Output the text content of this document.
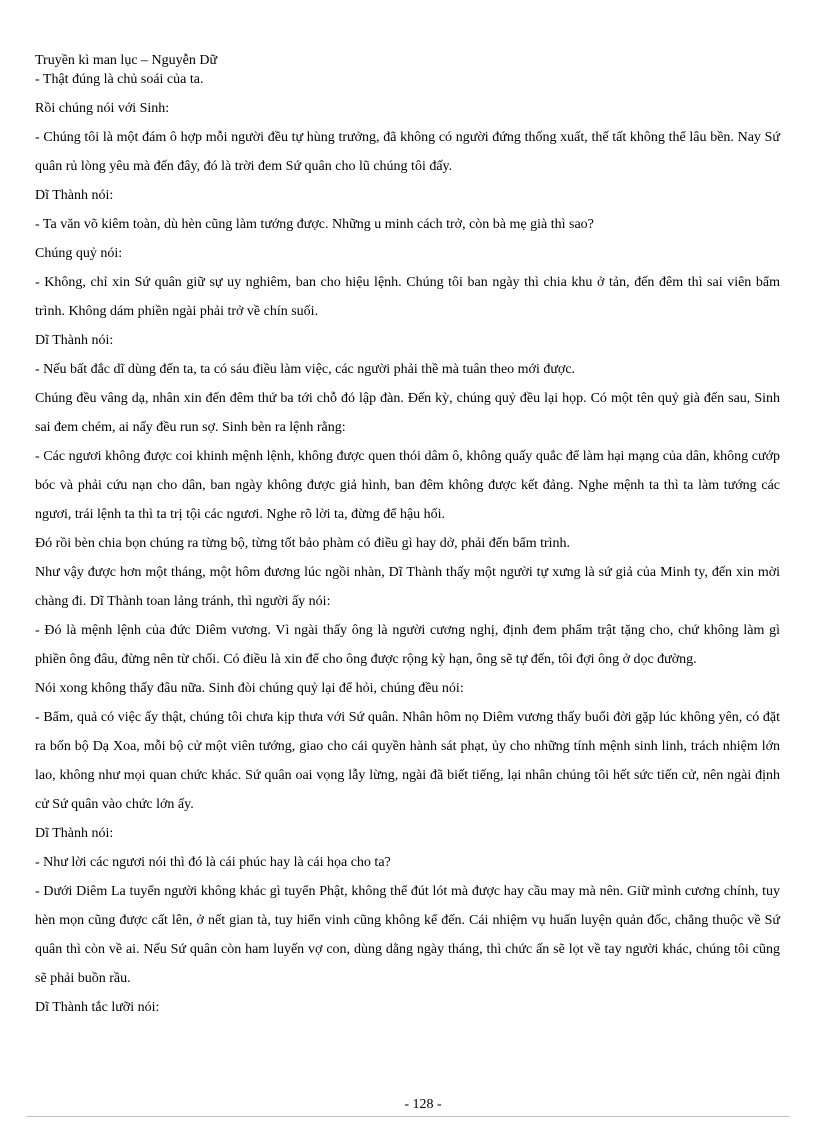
Truyền kì man lục – Nguyễn Dữ

- Thật đúng là chủ soái của ta.

Rồi chúng nói với Sinh:

- Chúng tôi là một đám ô hợp mỗi người đều tự hùng trưởng, đã không có người đứng thống xuất, thế tất không thể lâu bền. Nay Sứ quân rủ lòng yêu mà đến đây, đó là trời đem Sứ quân cho lũ chúng tôi đấy.

Dĩ Thành nói:

- Ta văn võ kiêm toàn, dù hèn cũng làm tướng được. Những u minh cách trở, còn bà mẹ già thì sao?

Chúng quỷ nói:

- Không, chỉ xin Sứ quân giữ sự uy nghiêm, ban cho hiệu lệnh. Chúng tôi ban ngày thì chia khu ở tản, đến đêm thì sai viên bẩm trình. Không dám phiền ngài phải trở về chín suối.

Dĩ Thành nói:

- Nếu bất đắc dĩ dùng đến ta, ta có sáu điều làm việc, các người phải thề mà tuân theo mới được.

Chúng đều vâng dạ, nhân xin đến đêm thứ ba tới chỗ đó lập đàn. Đến kỳ, chúng quỷ đều lại họp. Có một tên quỷ già đến sau, Sinh sai đem chém, ai nấy đều run sợ. Sinh bèn ra lệnh rằng:

- Các ngươi không được coi khinh mệnh lệnh, không được quen thói dâm ô, không quấy quắc để làm hại mạng của dân, không cướp bóc và phải cứu nạn cho dân, ban ngày không được giả hình, ban đêm không được kết đảng. Nghe mệnh ta thì ta làm tướng các ngươi, trái lệnh ta thì ta trị tội các ngươi. Nghe rõ lời ta, đừng để hậu hối.

Đó rồi bèn chia bọn chúng ra từng bộ, từng tốt bảo phàm có điều gì hay dở, phải đến bẩm trình.

Như vậy được hơn một tháng, một hôm đương lúc ngồi nhàn, Dĩ Thành thấy một người tự xưng là sứ giả của Minh ty, đến xin mời chàng đi. Dĩ Thành toan lảng tránh, thì người ấy nói:

- Đó là mệnh lệnh của đức Diêm vương. Vì ngài thấy ông là người cương nghị, định đem phẩm trật tặng cho, chứ không làm gì phiền ông đâu, đừng nên từ chối. Có điều là xin để cho ông được rộng kỳ hạn, ông sẽ tự đến, tôi đợi ông ở dọc đường.

Nói xong không thấy đâu nữa. Sinh đòi chúng quỷ lại để hỏi, chúng đều nói:

- Bẩm, quả có việc ấy thật, chúng tôi chưa kịp thưa với Sứ quân. Nhân hôm nọ Diêm vương thấy buổi đời gặp lúc không yên, có đặt ra bốn bộ Dạ Xoa, mỗi bộ cử một viên tướng, giao cho cái quyền hành sát phạt, ủy cho những tính mệnh sinh linh, trách nhiệm lớn lao, không như mọi quan chức khác. Sứ quân oai vọng lẫy lừng, ngài đã biết tiếng, lại nhân chúng tôi hết sức tiến cử, nên ngài định cử Sứ quân vào chức lớn ấy.

Dĩ Thành nói:

- Như lời các ngươi nói thì đó là cái phúc hay là cái họa cho ta?

- Dưới Diêm La tuyển người không khác gì tuyển Phật, không thể đút lót mà được hay cầu may mà nên. Giữ mình cương chính, tuy hèn mọn cũng được cất lên, ở nết gian tà, tuy hiển vinh cũng không kể đến. Cái nhiệm vụ huấn luyện quản đốc, chẳng thuộc về Sứ quân thì còn về ai. Nếu Sứ quân còn ham luyến vợ con, dùng dằng ngày tháng, thì chức ấn sẽ lọt về tay người khác, chúng tôi cũng sẽ phải buồn rầu.

Dĩ Thành tắc lưỡi nói:

- 128 -
